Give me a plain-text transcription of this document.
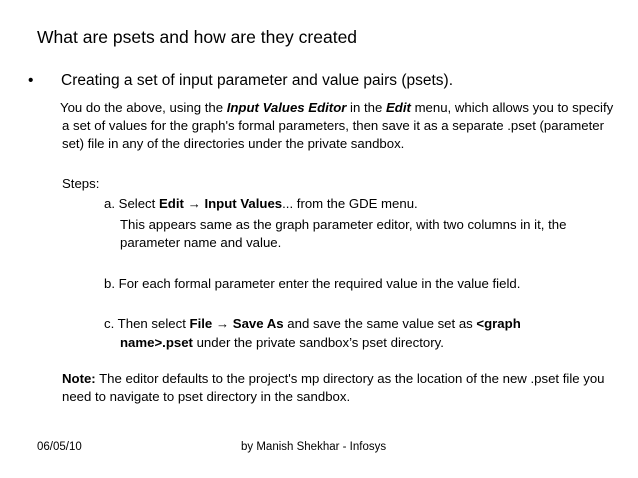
What are psets and how are they created
• Creating a set of input parameter and value pairs (psets).
You do the above, using the Input Values Editor in the Edit menu, which allows you to specify a set of values for the graph's formal parameters, then save it as a separate .pset (parameter set) file in any of the directories under the private sandbox.
Steps:
a. Select Edit → Input Values... from the GDE menu.
This appears same as the graph parameter editor, with two columns in it, the parameter name and value.
b. For each formal parameter enter the required value in the value field.
c. Then select File → Save As and save the same value set as <graph
name>.pset under the private sandbox’s pset directory.
Note: The editor defaults to the project's mp directory as the location of the new .pset file you need to navigate to pset directory in the sandbox.
06/05/10	by Manish Shekhar - Infosys
